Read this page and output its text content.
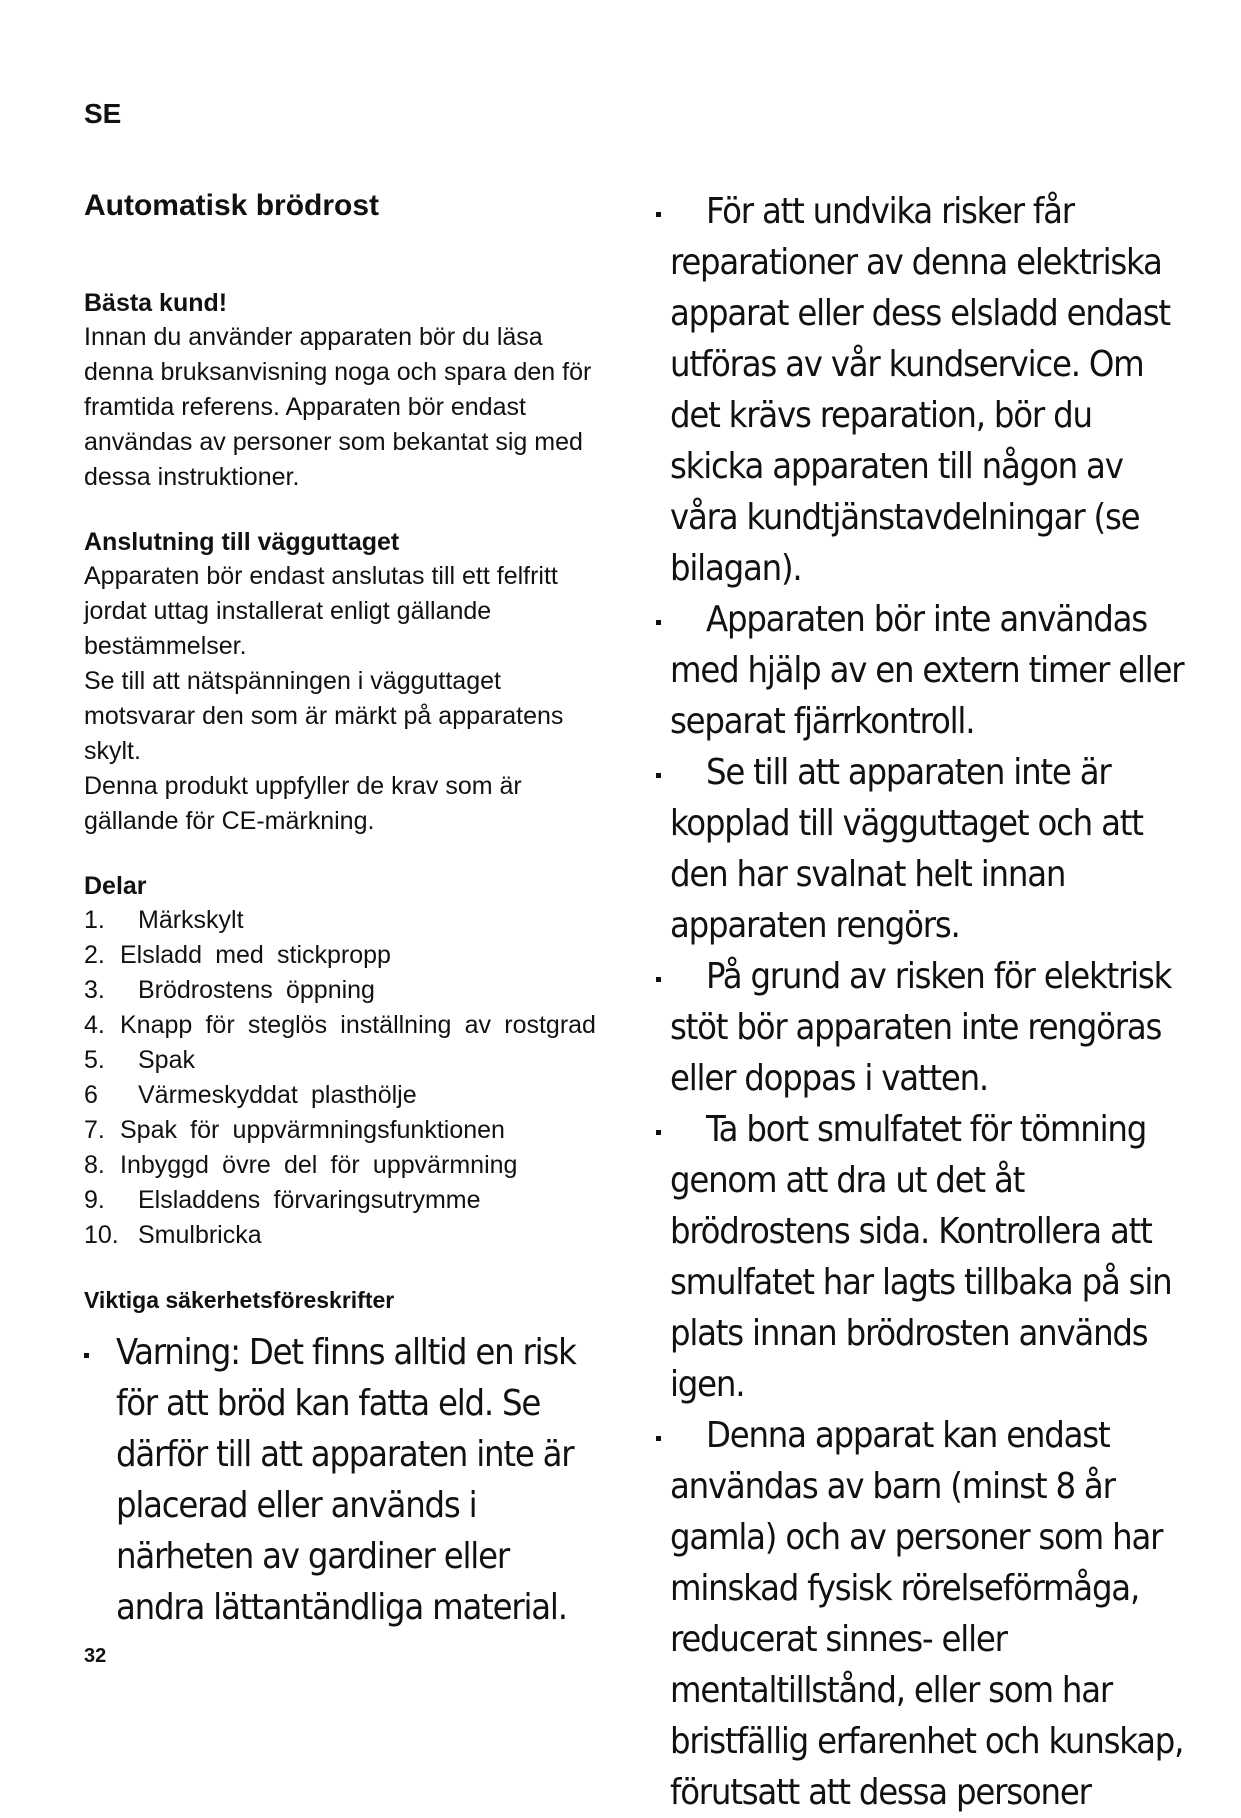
SE
Automatisk brödrost
Bästa kund!

Innan du använder apparaten bör du läsa denna bruksanvisning noga och spara den för framtida referens. Apparaten bör endast användas av personer som bekantat sig med dessa instruktioner.

Anslutning till vägguttaget

Apparaten bör endast anslutas till ett felfritt jordat uttag installerat enligt gällande bestämmelser.

Se till att nätspänningen i vägguttaget motsvarar den som är märkt på apparatens skylt.

Denna produkt uppfyller de krav som är gällande för CE-märkning.

Delar
1.	Märkskylt
2. Elsladd med stickpropp
3.	Brödrostens öppning
4. Knapp för steglös inställning av rostgrad
5.	Spak
6	Värmeskyddat plasthölje
7. Spak för uppvärmningsfunktionen
8. Inbyggd övre del för uppvärmning
9.	Elsladdens förvaringsutrymme
10. Smulbricka
Viktiga säkerhetsföreskrifter
Varning: Det finns alltid en risk för att bröd kan fatta eld. Se därför till att apparaten inte är placerad eller används i närheten av gardiner eller andra lättantändliga material.
För att undvika risker får reparationer av denna elektriska apparat eller dess elsladd endast utföras av vår kundservice. Om det krävs reparation, bör du skicka apparaten till någon av våra kundtjänstavdelningar (se bilagan).
Apparaten bör inte användas med hjälp av en extern timer eller separat fjärrkontroll.
Se till att apparaten inte är kopplad till vägguttaget och att den har svalnat helt innan apparaten rengörs.
På grund av risken för elektrisk stöt bör apparaten inte rengöras eller doppas i vatten.
Ta bort smulfatet för tömning genom att dra ut det åt brödrostens sida. Kontrollera att smulfatet har lagts tillbaka på sin plats innan brödrosten används igen.
Denna apparat kan endast användas av barn (minst 8 år gamla) och av personer som har minskad fysisk rörelseförmåga, reducerat sinnes- eller mentaltillstånd, eller som har bristfällig erfarenhet och kunskap, förutsatt att dessa personer

32
